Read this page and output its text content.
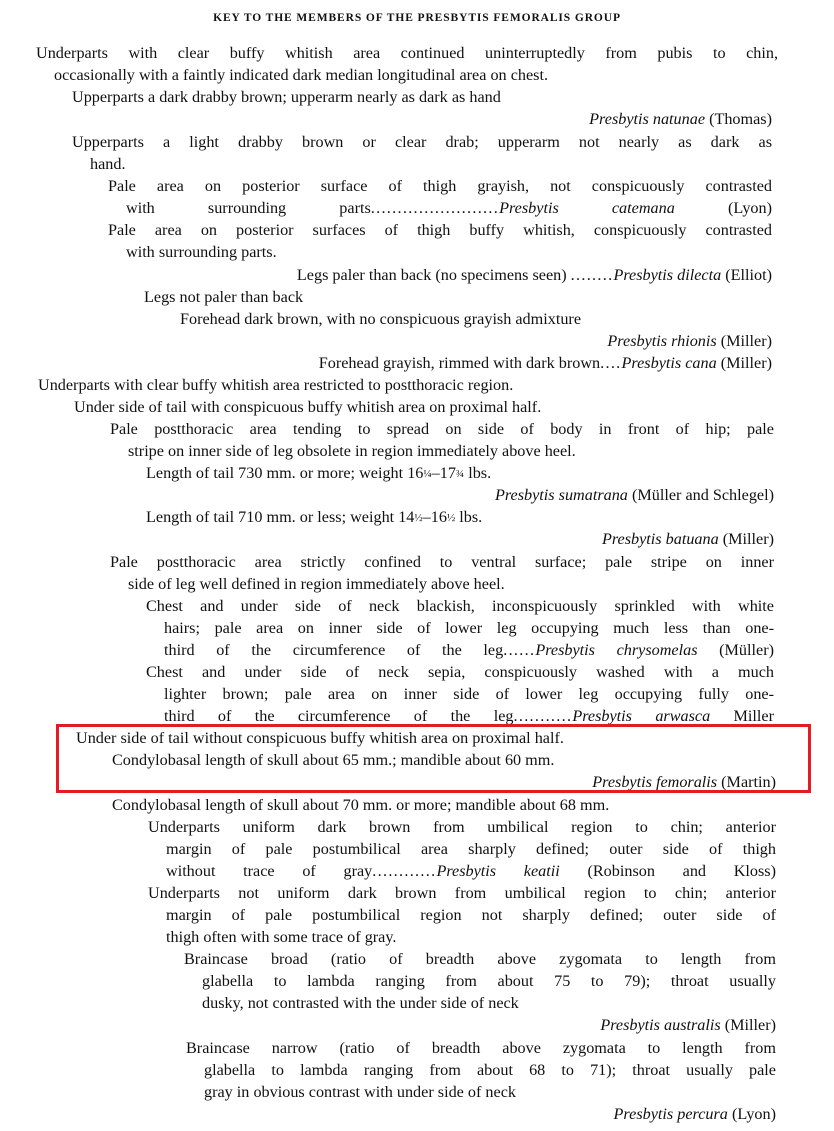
KEY TO THE MEMBERS OF THE PRESBYTIS FEMORALIS GROUP
Underparts with clear buffy whitish area continued uninterruptedly from pubis to chin,
occasionally with a faintly indicated dark median longitudinal area on chest.
Upperparts a dark drabby brown; upperarm nearly as dark as hand
Presbytis natunae (Thomas)
Upperparts a light drabby brown or clear drab; upperarm not nearly as dark as
hand.
Pale area on posterior surface of thigh grayish, not conspicuously contrasted
with surrounding parts........................Presbytis catemana (Lyon)
Pale area on posterior surfaces of thigh buffy whitish, conspicuously contrasted
with surrounding parts.
Legs paler than back (no specimens seen) ........Presbytis dilecta (Elliot)
Legs not paler than back
Forehead dark brown, with no conspicuous grayish admixture
Presbytis rhionis (Miller)
Forehead grayish, rimmed with dark brown....Presbytis cana (Miller)
Underparts with clear buffy whitish area restricted to postthoracic region.
Under side of tail with conspicuous buffy whitish area on proximal half.
Pale postthoracic area tending to spread on side of body in front of hip; pale
stripe on inner side of leg obsolete in region immediately above heel.
Length of tail 730 mm. or more; weight 16¼–17¾ lbs.
Presbytis sumatrana (Müller and Schlegel)
Length of tail 710 mm. or less; weight 14½–16½ lbs.
Presbytis batuana (Miller)
Pale postthoracic area strictly confined to ventral surface; pale stripe on inner
side of leg well defined in region immediately above heel.
Chest and under side of neck blackish, inconspicuously sprinkled with white
hairs; pale area on inner side of lower leg occupying much less than one-
third of the circumference of the leg......Presbytis chrysomelas (Müller)
Chest and under side of neck sepia, conspicuously washed with a much
lighter brown; pale area on inner side of lower leg occupying fully one-
third of the circumference of the leg...........Presbytis arwasca Miller
Under side of tail without conspicuous buffy whitish area on proximal half.
Condylobasal length of skull about 65 mm.; mandible about 60 mm.
Presbytis femoralis (Martin)
Condylobasal length of skull about 70 mm. or more; mandible about 68 mm.
Underparts uniform dark brown from umbilical region to chin; anterior
margin of pale postumbilical area sharply defined; outer side of thigh
without trace of gray............Presbytis keatii (Robinson and Kloss)
Underparts not uniform dark brown from umbilical region to chin; anterior
margin of pale postumbilical region not sharply defined; outer side of
thigh often with some trace of gray.
Braincase broad (ratio of breadth above zygomata to length from
glabella to lambda ranging from about 75 to 79); throat usually
dusky, not contrasted with the under side of neck
Presbytis australis (Miller)
Braincase narrow (ratio of breadth above zygomata to length from
glabella to lambda ranging from about 68 to 71); throat usually pale
gray in obvious contrast with under side of neck
Presbytis percura (Lyon)
